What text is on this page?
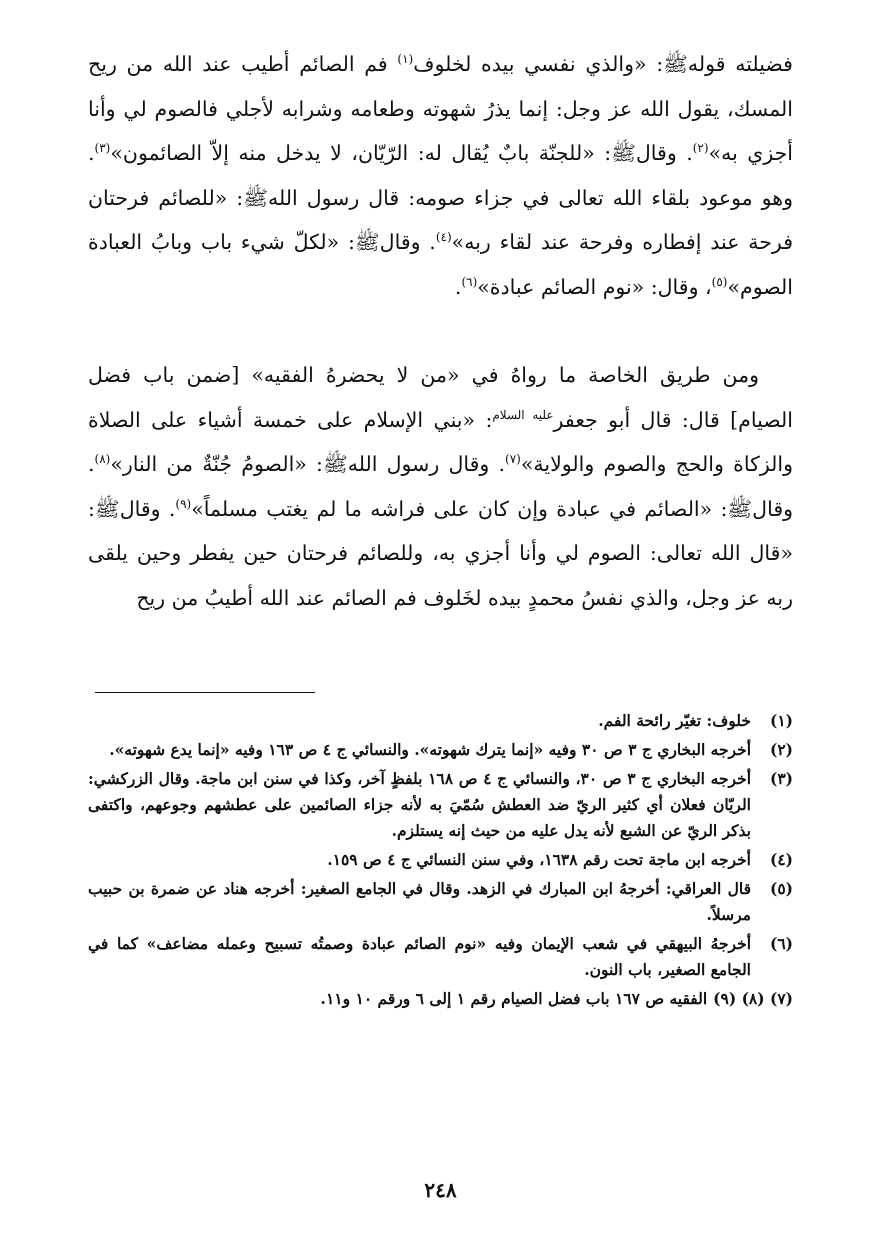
فضيلته قولهﷺ: «والذي نفسي بيده لخلوف$^{(١)}$ فم الصائم أطيب عند الله من ريح المسك، يقول الله عز وجل: إنما يذرُ شهوته وطعامه وشرابه لأجلي فالصوم لي وأنا أجزي به»$^{(٢)}$. وقالﷺ: «للجنّة بابٌ يُقال له: الرّيّان، لا يدخل منه إلاّ الصائمون»$^{(٣)}$. وهو موعود بلقاء الله تعالى في جزاء صومه: قال رسول اللهﷺ: «للصائم فرحتان فرحة عند إفطاره وفرحة عند لقاء ربه»$^{(٤)}$. وقالﷺ: «لكلّ شيء باب وبابُ العبادة الصوم»$^{(٥)}$، وقال: «نوم الصائم عبادة»$^{(٦)}$.

ومن طريق الخاصة ما رواهُ في «من لا يحضرهُ الفقيه» [ضمن باب فضل الصيام] قال: قال أبو جعفر$^{عليه السلام}$: «بني الإسلام على خمسة أشياء على الصلاة والزكاة والحج والصوم والولاية»$^{(٧)}$. وقال رسول اللهﷺ: «الصومُ جُنّةٌ من النار»$^{(٨)}$. وقالﷺ: «الصائم في عبادة وإن كان على فراشه ما لم يغتب مسلماً»$^{(٩)}$. وقالﷺ: «قال الله تعالى: الصوم لي وأنا أجزي به، وللصائم فرحتان حين يفطر وحين يلقى ربه عز وجل، والذي نفسُ محمدٍ بيده لخَلوف فم الصائم عند الله أطيبُ من ريح

(١)
خلوف: تغيّر رائحة الفم.
(٢)
أخرجه البخاري ج ٣ ص ٣٠ وفيه «إنما يترك شهوته». والنسائي ج ٤ ص ١٦٣ وفيه «إنما يدع شهوته».
(٣)
أخرجه البخاري ج ٣ ص ٣٠، والنسائي ج ٤ ص ١٦٨ بلفظٍ آخر، وكذا في سنن ابن ماجة. وقال الزركشي: الريّان فعلان أي كثير الريّ ضد العطش سُمّيَ به لأنه جزاء الصائمين على عطشهم وجوعهم، واكتفى بذكر الريّ عن الشبع لأنه يدل عليه من حيث إنه يستلزم.
(٤)
أخرجه ابن ماجة تحت رقم ١٦٣٨، وفي سنن النسائي ج ٤ ص ١٥٩.
(٥)
قال العراقي: أخرجهُ ابن المبارك في الزهد. وقال في الجامع الصغير: أخرجه هناد عن ضمرة بن حبيب مرسلاً.
(٦)
أخرجهُ البيهقي في شعب الإيمان وفيه «نوم الصائم عبادة وصمتُه تسبيح وعمله مضاعف» كما في الجامع الصغير، باب النون.
(٧) (٨) (٩)
الفقيه ص ١٦٧ باب فضل الصيام رقم ١ إلى ٦ ورقم ١٠ و١١.
٢٤٨
